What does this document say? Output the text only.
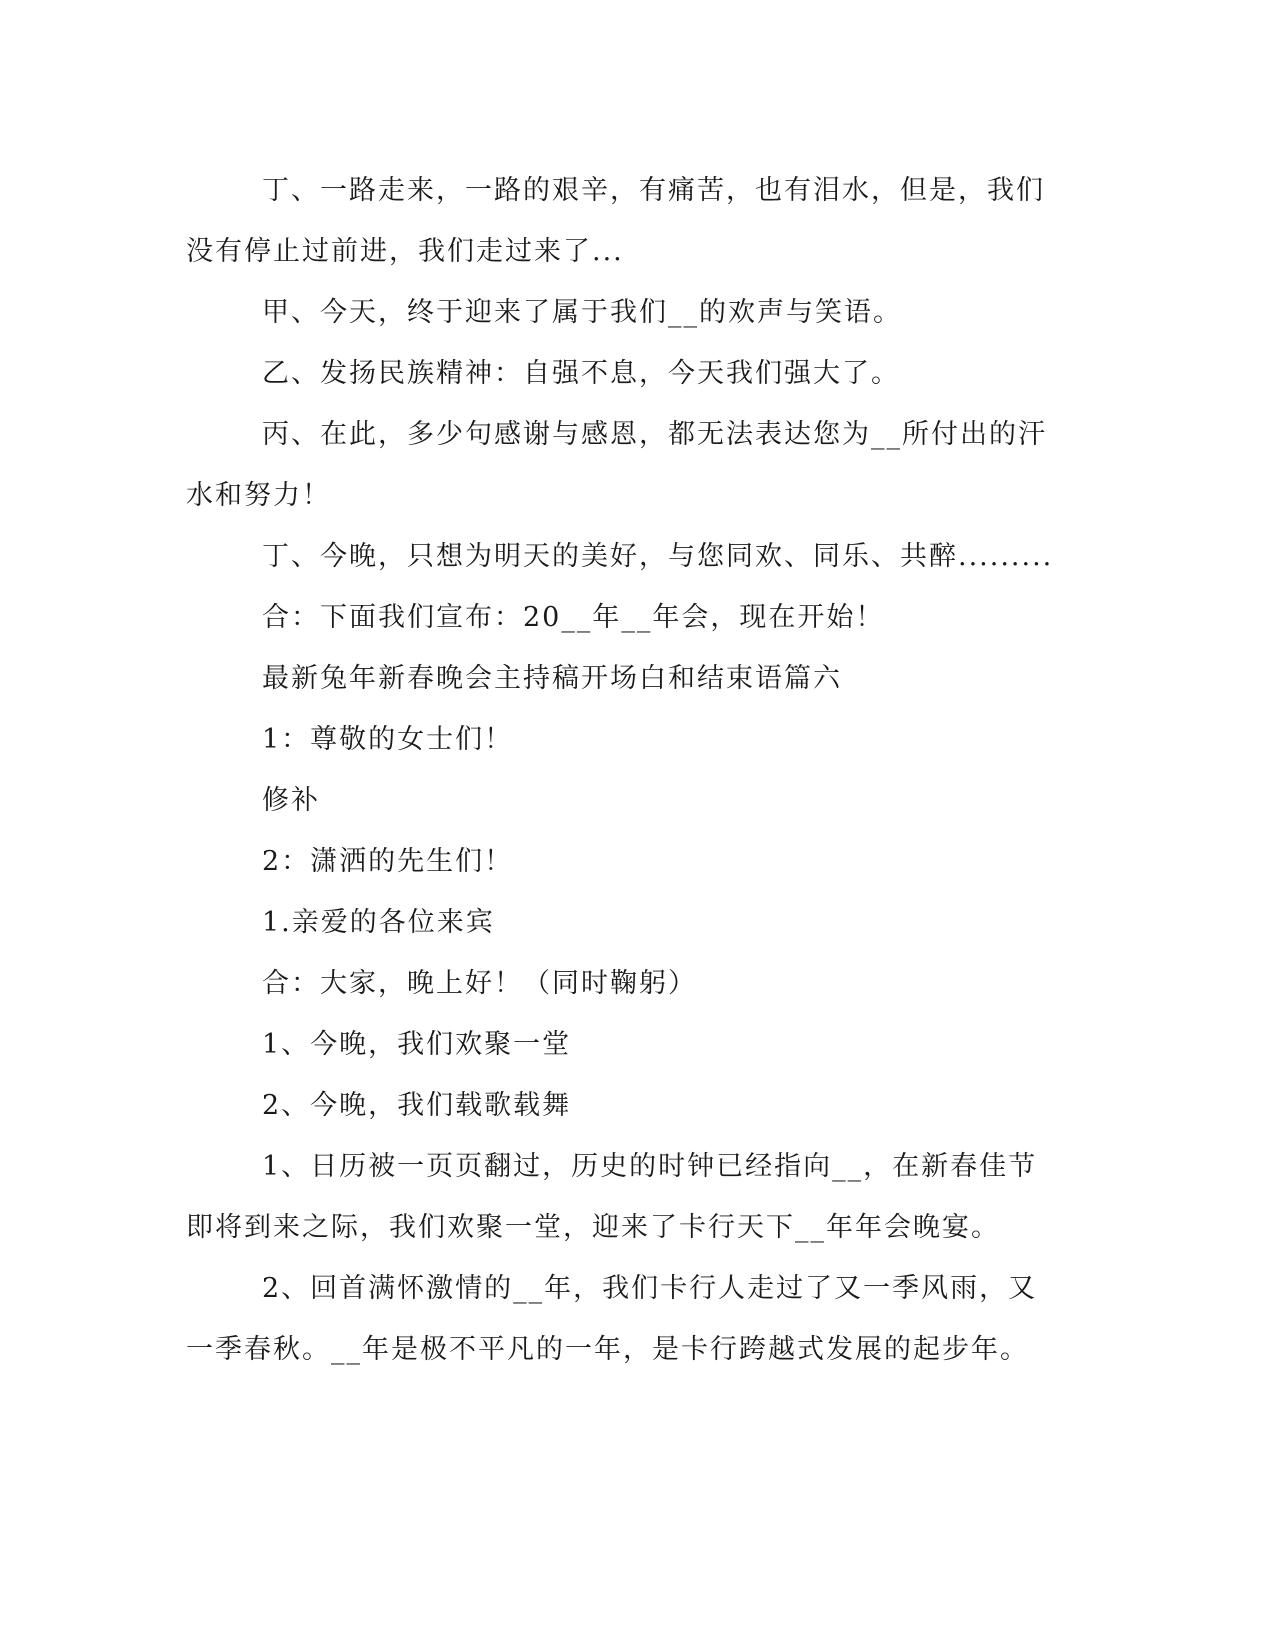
丁、一路走来，一路的艰辛，有痛苦，也有泪水，但是，我们没有停止过前进，我们走过来了...

甲、今天，终于迎来了属于我们__的欢声与笑语。

乙、发扬民族精神：自强不息，今天我们强大了。

丙、在此，多少句感谢与感恩，都无法表达您为__所付出的汗水和努力！

丁、今晚，只想为明天的美好，与您同欢、同乐、共醉.........

合：下面我们宣布：20__年__年会，现在开始！

最新兔年新春晚会主持稿开场白和结束语篇六

1：尊敬的女士们！

修补

2：潇洒的先生们！

1.亲爱的各位来宾

合：大家，晚上好！（同时鞠躬）

1、今晚，我们欢聚一堂

2、今晚，我们载歌载舞

1、日历被一页页翻过，历史的时钟已经指向__，在新春佳节即将到来之际，我们欢聚一堂，迎来了卡行天下__年年会晚宴。

2、回首满怀激情的__年，我们卡行人走过了又一季风雨，又一季春秋。__年是极不平凡的一年，是卡行跨越式发展的起步年。
